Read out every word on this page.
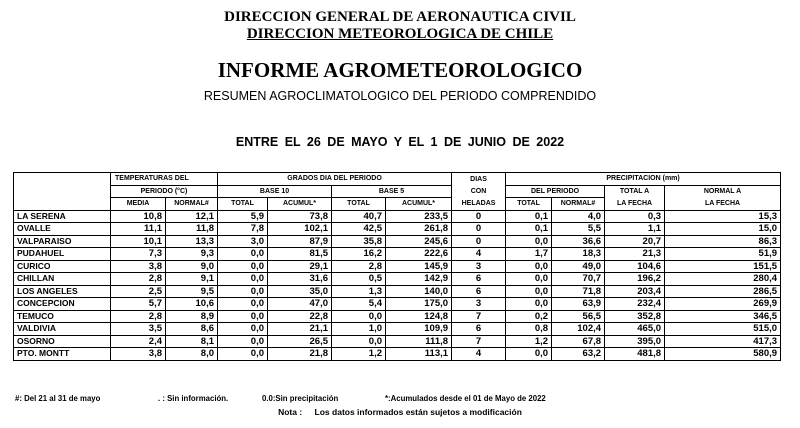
DIRECCION GENERAL DE AERONAUTICA CIVIL
DIRECCION METEOROLOGICA DE CHILE
INFORME AGROMETEOROLOGICO
RESUMEN AGROCLIMATOLOGICO DEL PERIODO COMPRENDIDO
ENTRE EL 26 DE MAYO Y EL 1 DE JUNIO DE 2022
	TEMPERATURAS DEL		GRADOS DIA DEL PERIODO				DIAS	PRECIPITACION (mm)			
	PERIODO (°C)		BASE 10		BASE 5		CON	DEL PERIODO		TOTAL A	NORMAL A
	MEDIA	NORMAL#	TOTAL	ACUMUL*	TOTAL	ACUMUL*	HELADAS	TOTAL	NORMAL#	LA FECHA	LA FECHA
LA SERENA	10,8	12,1	5,9	73,8	40,7	233,5	0	0,1	4,0	0,3	15,3
OVALLE	11,1	11,8	7,8	102,1	42,5	261,8	0	0,1	5,5	1,1	15,0
VALPARAISO	10,1	13,3	3,0	87,9	35,8	245,6	0	0,0	36,6	20,7	86,3
PUDAHUEL	7,3	9,3	0,0	81,5	16,2	222,6	4	1,7	18,3	21,3	51,9
CURICO	3,8	9,0	0,0	29,1	2,8	145,9	3	0,0	49,0	104,6	151,5
CHILLAN	2,8	9,1	0,0	31,6	0,5	142,9	6	0,0	70,7	196,2	280,4
LOS ANGELES	2,5	9,5	0,0	35,0	1,3	140,0	6	0,0	71,8	203,4	286,5
CONCEPCION	5,7	10,6	0,0	47,0	5,4	175,0	3	0,0	63,9	232,4	269,9
TEMUCO	2,8	8,9	0,0	22,8	0,0	124,8	7	0,2	56,5	352,8	346,5
VALDIVIA	3,5	8,6	0,0	21,1	1,0	109,9	6	0,8	102,4	465,0	515,0
OSORNO	2,4	8,1	0,0	26,5	0,0	111,8	7	1,2	67,8	395,0	417,3
PTO. MONTT	3,8	8,0	0,0	21,8	1,2	113,1	4	0,0	63,2	481,8	580,9
#: Del 21 al 31 de mayo	. : Sin información.	0.0:Sin precipitación	*:Acumulados desde el 01 de Mayo de 2022
Nota : Los datos informados están sujetos a modificación
